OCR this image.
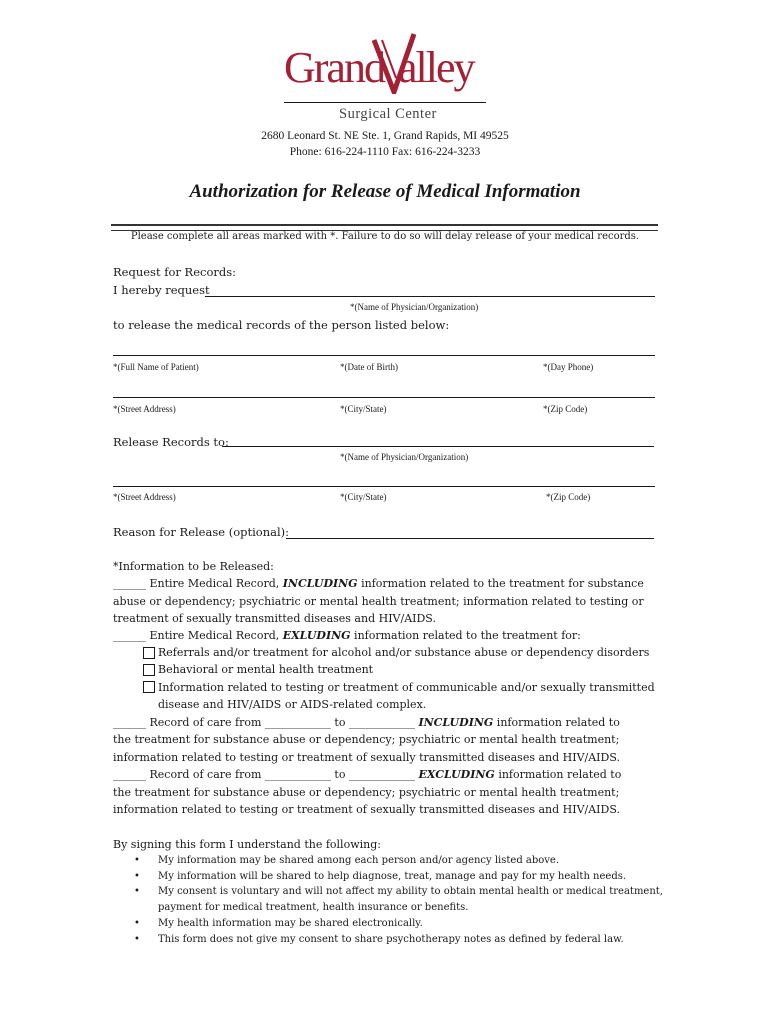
Grand alley
Surgical Center
2680 Leonard St. NE Ste. 1, Grand Rapids, MI 49525
Phone: 616-224-1110 Fax: 616-224-3233
Authorization for Release of Medical Information
Please complete all areas marked with *. Failure to do so will delay release of your medical records.
Request for Records:
I hereby request
*(Name of Physician/Organization)
to release the medical records of the person listed below:
*(Full Name of Patient)	*(Date of Birth)	*(Day Phone)
*(Street Address)	*(City/State)	*(Zip Code)
Release Records to:
*(Name of Physician/Organization)
*(Street Address)	*(City/State)	*(Zip Code)
Reason for Release (optional):
*Information to be Released:
______ Entire Medical Record, INCLUDING information related to the treatment for substance
abuse or dependency; psychiatric or mental health treatment; information related to testing or
treatment of sexually transmitted diseases and HIV/AIDS.
______ Entire Medical Record, EXLUDING information related to the treatment for:
Referrals and/or treatment for alcohol and/or substance abuse or dependency disorders
Behavioral or mental health treatment
Information related to testing or treatment of communicable and/or sexually transmitted
disease and HIV/AIDS or AIDS-related complex.
______ Record of care from ____________ to ____________ INCLUDING information related to
the treatment for substance abuse or dependency; psychiatric or mental health treatment;
information related to testing or treatment of sexually transmitted diseases and HIV/AIDS.
______ Record of care from ____________ to ____________ EXCLUDING information related to
the treatment for substance abuse or dependency; psychiatric or mental health treatment;
information related to testing or treatment of sexually transmitted diseases and HIV/AIDS.
By signing this form I understand the following:
• My information may be shared among each person and/or agency listed above.
• My information will be shared to help diagnose, treat, manage and pay for my health needs.
• My consent is voluntary and will not affect my ability to obtain mental health or medical treatment,
payment for medical treatment, health insurance or benefits.
• My health information may be shared electronically.
• This form does not give my consent to share psychotherapy notes as defined by federal law.
